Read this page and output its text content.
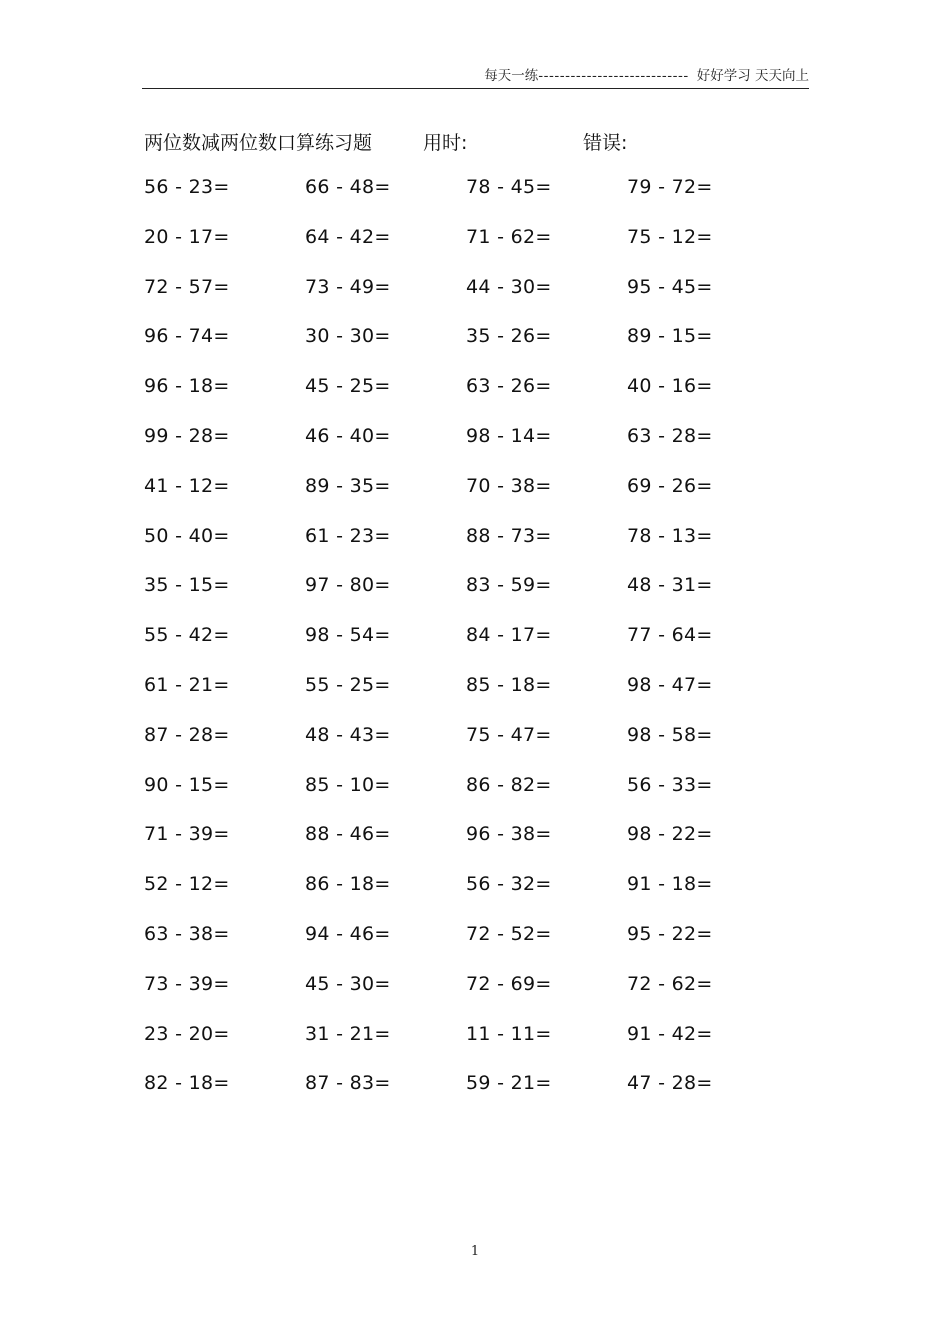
每天一练 ---------------------------- 好好学习 天天向上
两位数减两位数口算练习题	用时:	错误:
56 - 23=	66 - 48=	78 - 45=	79 - 72=
20 - 17=	64 - 42=	71 - 62=	75 - 12=
72 - 57=	73 - 49=	44 - 30=	95 - 45=
96 - 74=	30 - 30=	35 - 26=	89 - 15=
96 - 18=	45 - 25=	63 - 26=	40 - 16=
99 - 28=	46 - 40=	98 - 14=	63 - 28=
41 - 12=	89 - 35=	70 - 38=	69 - 26=
50 - 40=	61 - 23=	88 - 73=	78 - 13=
35 - 15=	97 - 80=	83 - 59=	48 - 31=
55 - 42=	98 - 54=	84 - 17=	77 - 64=
61 - 21=	55 - 25=	85 - 18=	98 - 47=
87 - 28=	48 - 43=	75 - 47=	98 - 58=
90 - 15=	85 - 10=	86 - 82=	56 - 33=
71 - 39=	88 - 46=	96 - 38=	98 - 22=
52 - 12=	86 - 18=	56 - 32=	91 - 18=
63 - 38=	94 - 46=	72 - 52=	95 - 22=
73 - 39=	45 - 30=	72 - 69=	72 - 62=
23 - 20=	31 - 21=	11 - 11=	91 - 42=
82 - 18=	87 - 83=	59 - 21=	47 - 28=
1
